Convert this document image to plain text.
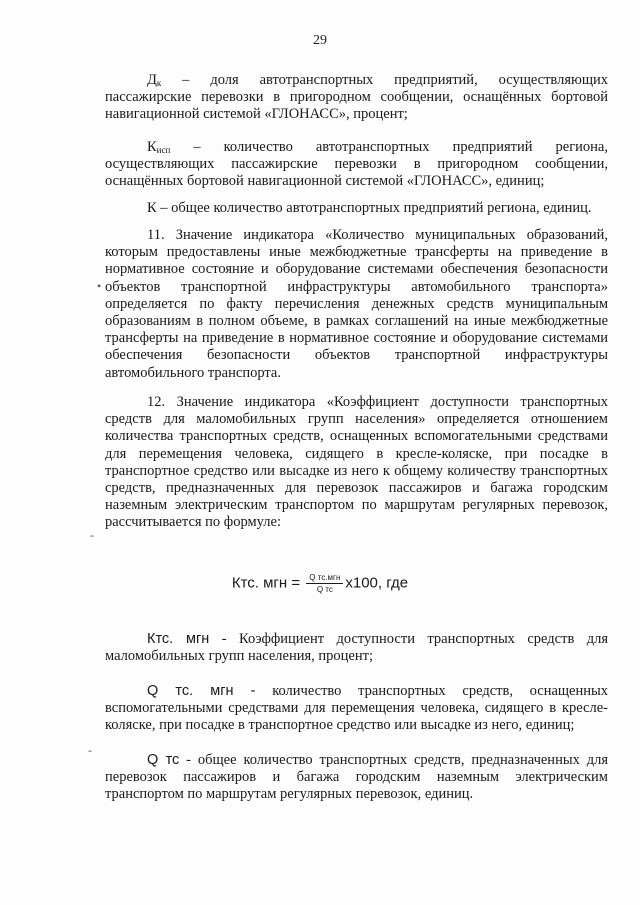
29

$Д_к$ – доля автотранспортных предприятий, осуществляющих пассажирские перевозки в пригородном сообщении, оснащённых бортовой навигационной системой «ГЛОНАСС», процент;

$К_{исп}$ – количество автотранспортных предприятий региона, осуществляющих пассажирские перевозки в пригородном сообщении, оснащённых бортовой навигационной системой «ГЛОНАСС», единиц;

К – общее количество автотранспортных предприятий региона, единиц.

11. Значение индикатора «Количество муниципальных образований, которым предоставлены иные межбюджетные трансферты на приведение в нормативное состояние и оборудование системами обеспечения безопасности объектов транспортной инфраструктуры автомобильного транспорта» определяется по факту перечисления денежных средств муниципальным образованиям в полном объеме, в рамках соглашений на иные межбюджетные трансферты на приведение в нормативное состояние и оборудование системами обеспечения безопасности объектов транспортной инфраструктуры автомобильного транспорта.

12. Значение индикатора «Коэффициент доступности транспортных средств для маломобильных групп населения» определяется отношением количества транспортных средств, оснащенных вспомогательными средствами для перемещения человека, сидящего в кресле-коляске, при посадке в транспортное средство или высадке из него к общему количеству транспортных средств, предназначенных для перевозок пассажиров и багажа городским наземным электрическим транспортом по маршрутам регулярных перевозок, рассчитывается по формуле:

Ктс. мгн = $\frac{\text{Q тс.мгн}}{\text{Q тс}} х100$, где

Ктс. мгн - Коэффициент доступности транспортных средств для маломобильных групп населения, процент;

Q тс. мгн - количество транспортных средств, оснащенных вспомогательными средствами для перемещения человека, сидящего в кресле-коляске, при посадке в транспортное средство или высадке из него, единиц;

Q тс - общее количество транспортных средств, предназначенных для перевозок пассажиров и багажа городским наземным электрическим транспортом по маршрутам регулярных перевозок, единиц.

•
-
-
